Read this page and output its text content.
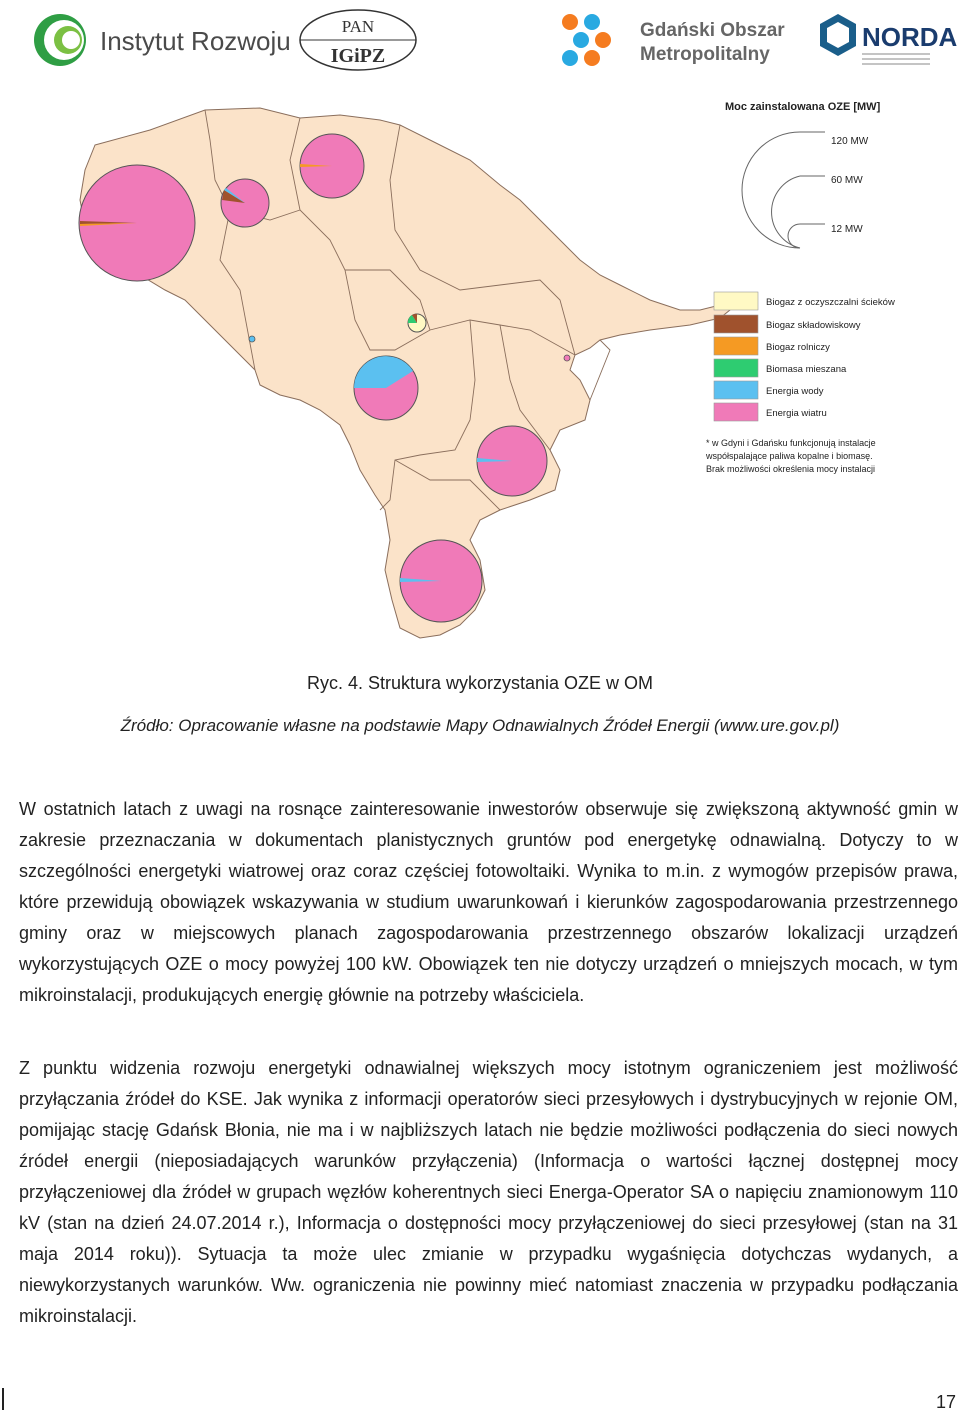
Instytut Rozwoju	PAN
IGiPZ
Gdański Obszar
Metropolitalny
NORDA
Moc zainstalowana OZE [MW]
120 MW
60 MW
12 MW
Biogaz z oczyszczalni ścieków
Biogaz składowiskowy
Biogaz rolniczy
Biomasa mieszana
Energia wody
Energia wiatru
* w Gdyni i Gdańsku funkcjonują instalacje
współspalające paliwa kopalne i biomasę.
Brak możliwości określenia mocy instalacji
Ryc. 4. Struktura wykorzystania OZE w OM
Źródło: Opracowanie własne na podstawie Mapy Odnawialnych Źródeł Energii (www.ure.gov.pl)

W ostatnich latach z uwagi na rosnące zainteresowanie inwestorów obserwuje się zwiększoną aktywność gmin w zakresie przeznaczania w dokumentach planistycznych gruntów pod energetykę odnawialną. Dotyczy to w szczególności energetyki wiatrowej oraz coraz częściej fotowoltaiki. Wynika to m.in. z wymogów przepisów prawa, które przewidują obowiązek wskazywania w studium uwarunkowań i kierunków zagospodarowania przestrzennego gminy oraz w miejscowych planach zagospodarowania przestrzennego obszarów lokalizacji urządzeń wykorzystujących OZE o mocy powyżej 100 kW. Obowiązek ten nie dotyczy urządzeń o mniejszych mocach, w tym mikroinstalacji, produkujących energię głównie na potrzeby właściciela.

Z punktu widzenia rozwoju energetyki odnawialnej większych mocy istotnym ograniczeniem jest możliwość przyłączania źródeł do KSE. Jak wynika z informacji operatorów sieci przesyłowych i dystrybucyjnych w rejonie OM, pomijając stację Gdańsk Błonia, nie ma i w najbliższych latach nie będzie możliwości podłączenia do sieci nowych źródeł energii (nieposiadających warunków przyłączenia) (Informacja o wartości łącznej dostępnej mocy przyłączeniowej dla źródeł w grupach węzłów koherentnych sieci Energa-Operator SA o napięciu znamionowym 110 kV (stan na dzień 24.07.2014 r.), Informacja o dostępności mocy przyłączeniowej do sieci przesyłowej (stan na 31 maja 2014 roku)). Sytuacja ta może ulec zmianie w przypadku wygaśnięcia dotychczas wydanych, a niewykorzystanych warunków. Ww. ograniczenia nie powinny mieć natomiast znaczenia w przypadku podłączania mikroinstalacji.

17
